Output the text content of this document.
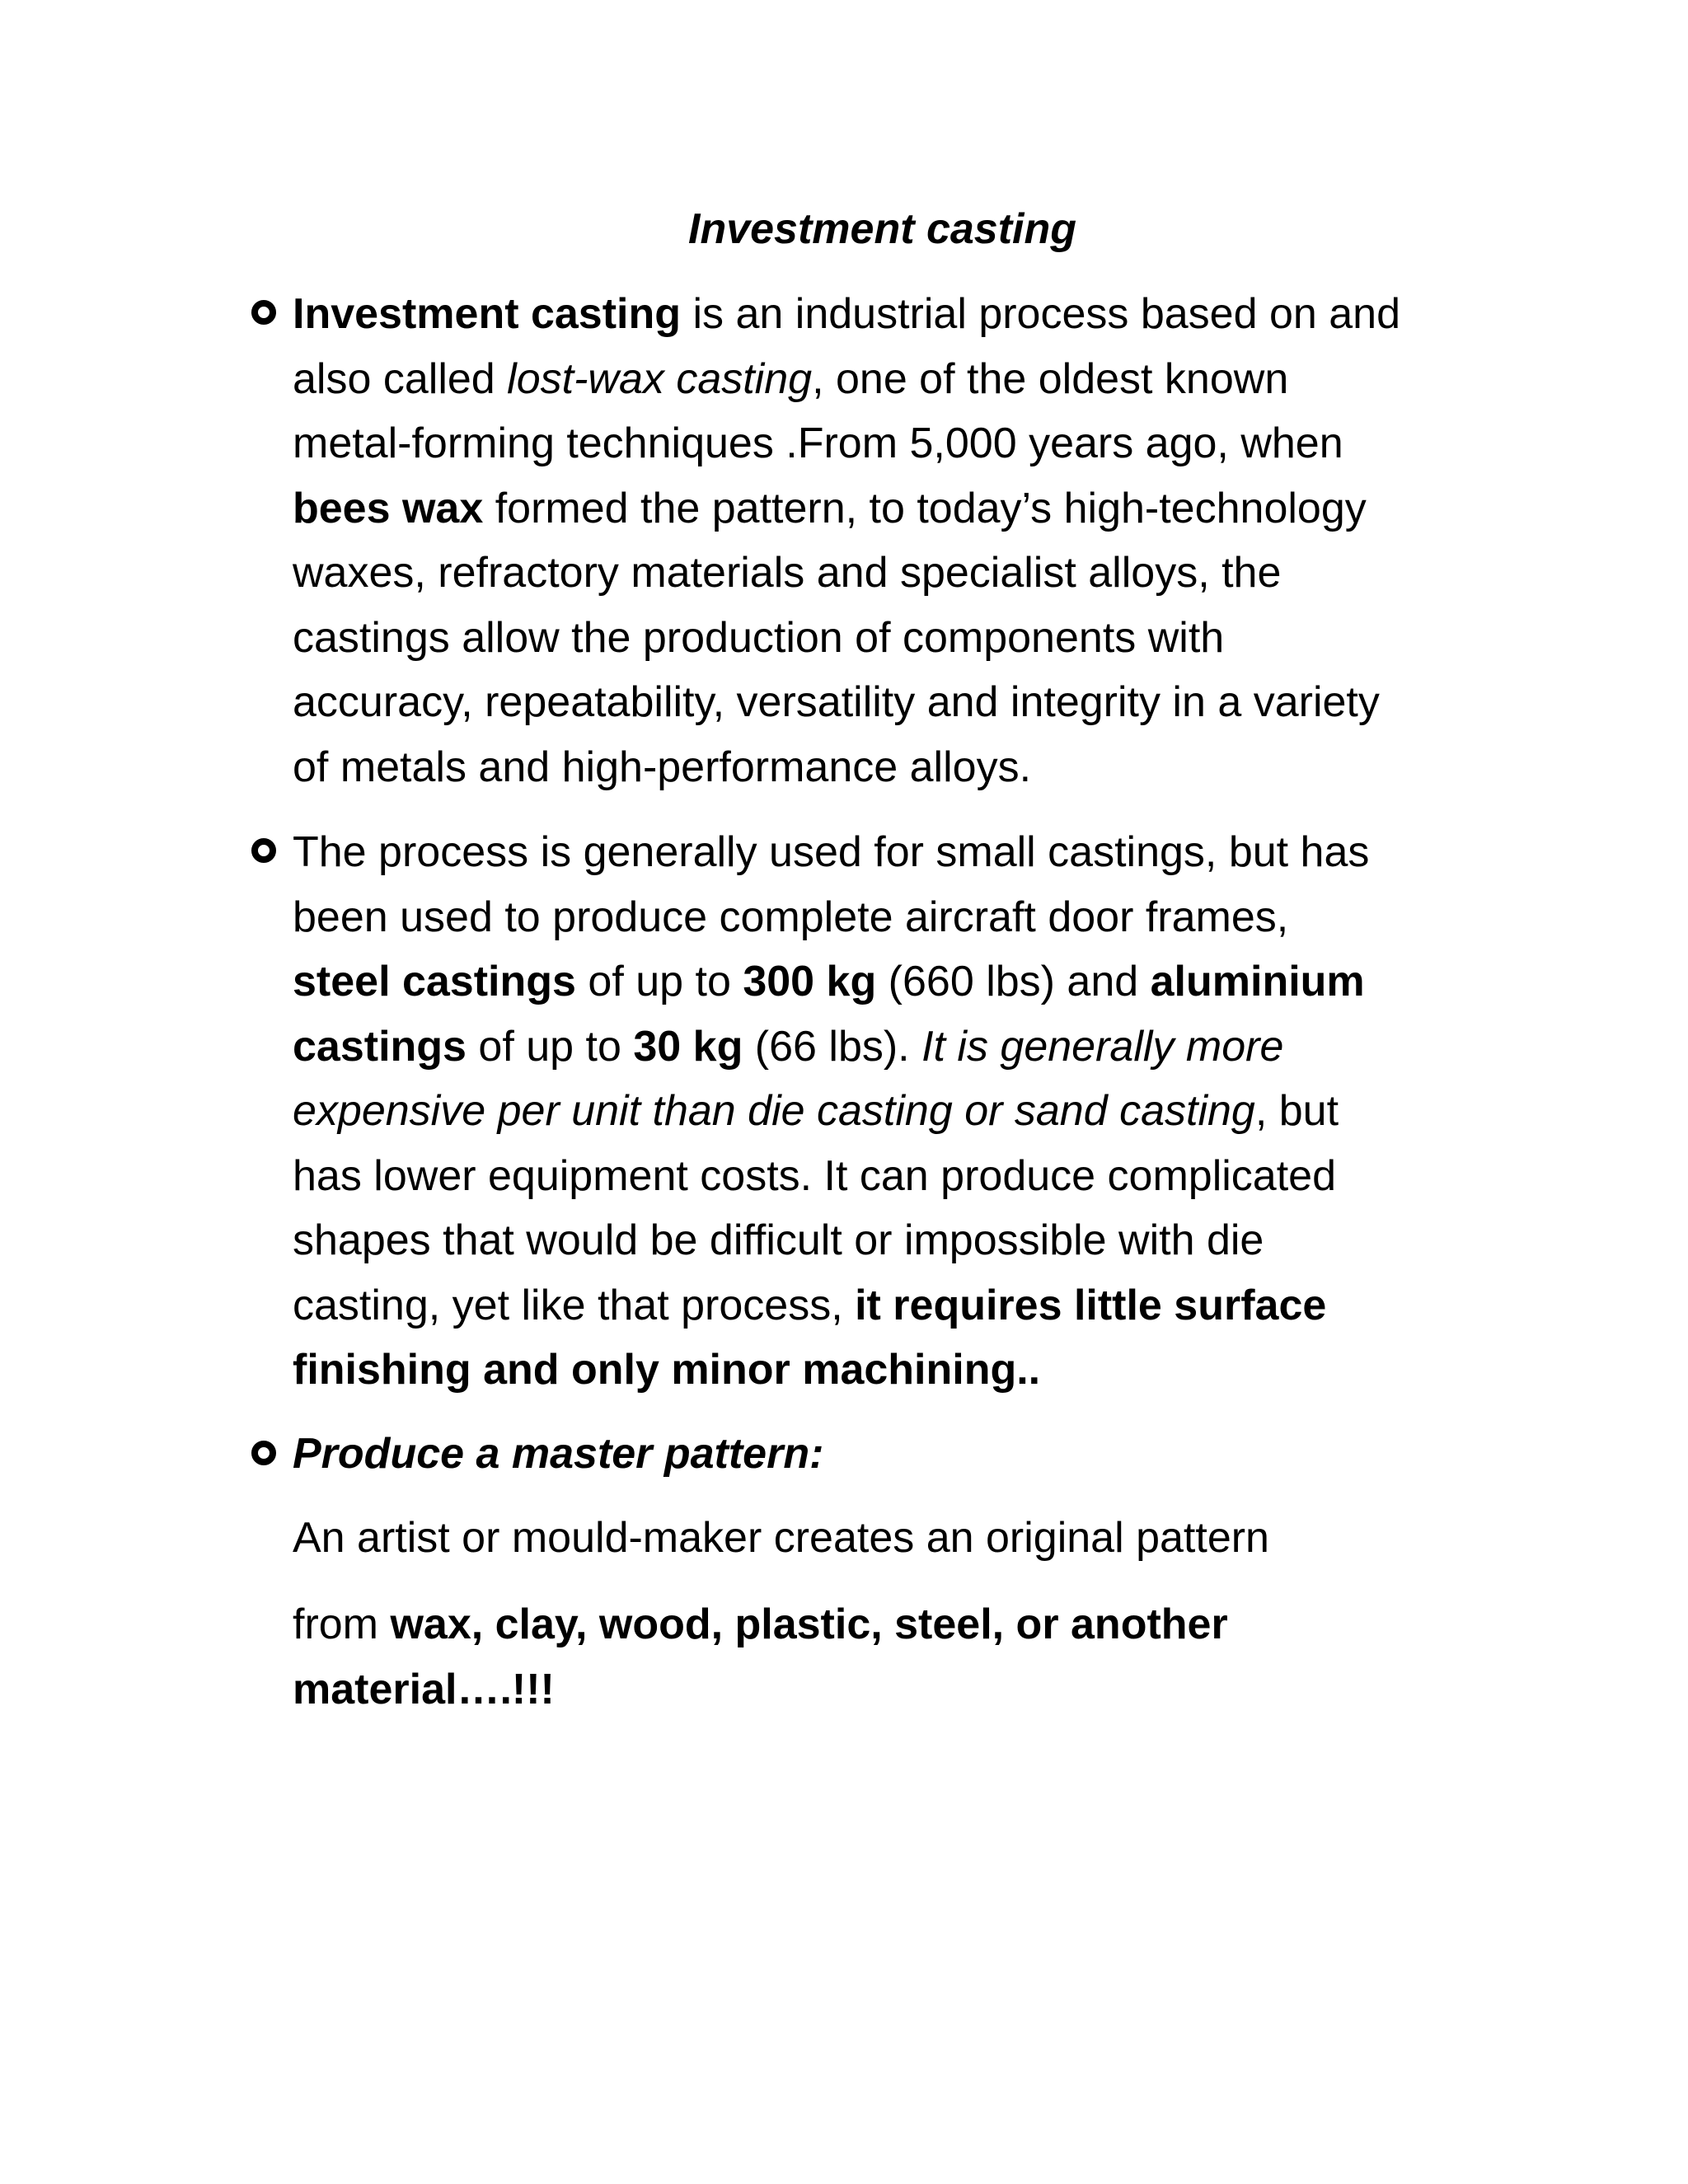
Investment casting
Investment casting is an industrial process based on and
also called lost-wax casting, one of the oldest known
metal-forming techniques .From 5,000 years ago, when
bees wax formed the pattern, to today’s high-technology
waxes, refractory materials and specialist alloys, the
castings allow the production of components with
accuracy, repeatability, versatility and integrity in a variety
of metals and high-performance alloys.
The process is generally used for small castings, but has
been used to produce complete aircraft door frames,
steel castings of up to 300 kg (660 lbs) and aluminium
castings of up to 30 kg (66 lbs). It is generally more
expensive per unit than die casting or sand casting, but
has lower equipment costs. It can produce complicated
shapes that would be difficult or impossible with die
casting, yet like that process, it requires little surface
finishing and only minor machining..
Produce a master pattern:
An artist or mould-maker creates an original pattern
from wax, clay, wood, plastic, steel, or another
material….!!!
